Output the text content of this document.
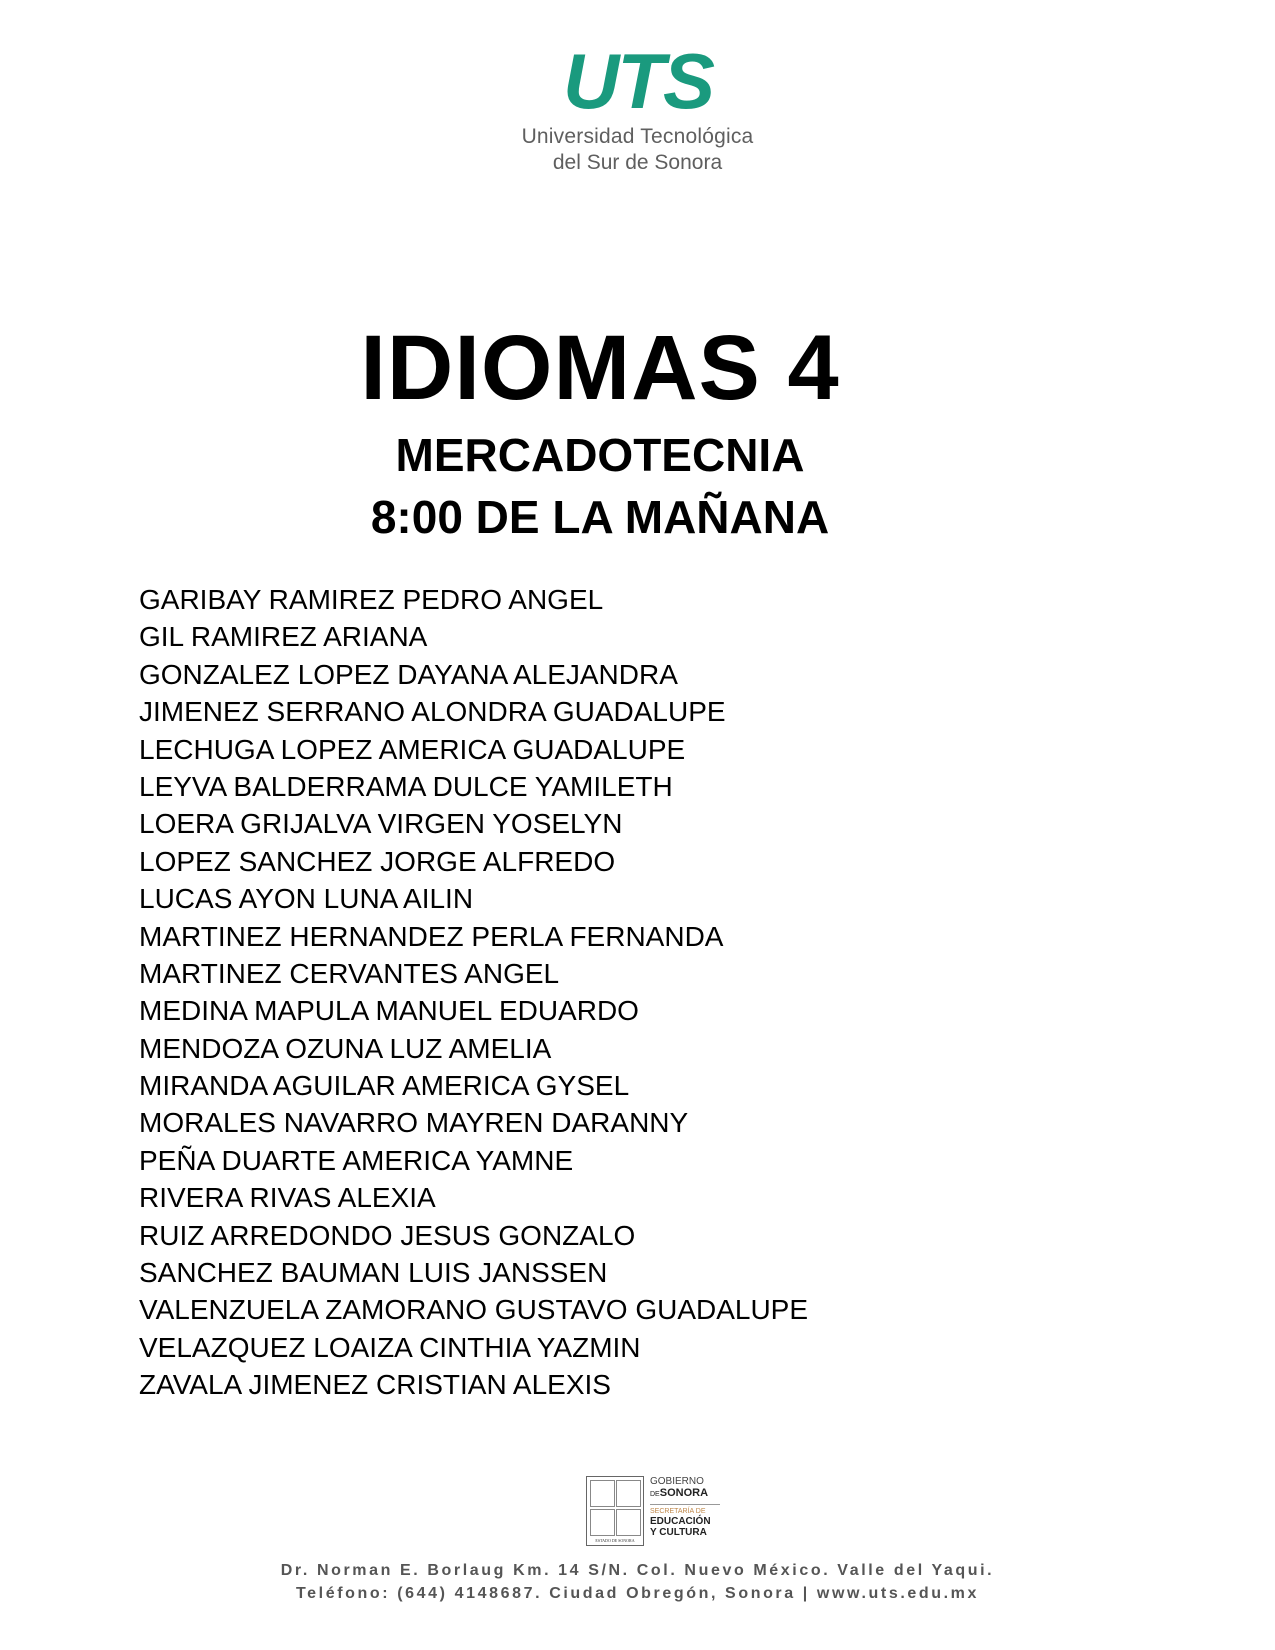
UTS
Universidad Tecnológica
del Sur de Sonora
IDIOMAS 4
MERCADOTECNIA
8:00 DE LA MAÑANA
GARIBAY RAMIREZ PEDRO ANGEL
GIL RAMIREZ ARIANA
GONZALEZ LOPEZ DAYANA ALEJANDRA
JIMENEZ SERRANO ALONDRA GUADALUPE
LECHUGA LOPEZ AMERICA GUADALUPE
LEYVA BALDERRAMA DULCE YAMILETH
LOERA GRIJALVA VIRGEN YOSELYN
LOPEZ SANCHEZ JORGE ALFREDO
LUCAS AYON LUNA AILIN
MARTINEZ HERNANDEZ PERLA FERNANDA
MARTINEZ CERVANTES ANGEL
MEDINA MAPULA MANUEL EDUARDO
MENDOZA OZUNA LUZ AMELIA
MIRANDA AGUILAR AMERICA GYSEL
MORALES NAVARRO MAYREN DARANNY
PEÑA DUARTE AMERICA YAMNE
RIVERA RIVAS ALEXIA
RUIZ ARREDONDO JESUS GONZALO
SANCHEZ BAUMAN LUIS JANSSEN
VALENZUELA ZAMORANO GUSTAVO GUADALUPE
VELAZQUEZ LOAIZA CINTHIA YAZMIN
ZAVALA JIMENEZ CRISTIAN ALEXIS
ESTADO DE SONORA
GOBIERNO
DESONORA
SECRETARÍA DE
EDUCACIÓN
Y CULTURA
Dr. Norman E. Borlaug Km. 14 S/N. Col. Nuevo México. Valle del Yaqui.
Teléfono: (644) 4148687. Ciudad Obregón, Sonora | www.uts.edu.mx
